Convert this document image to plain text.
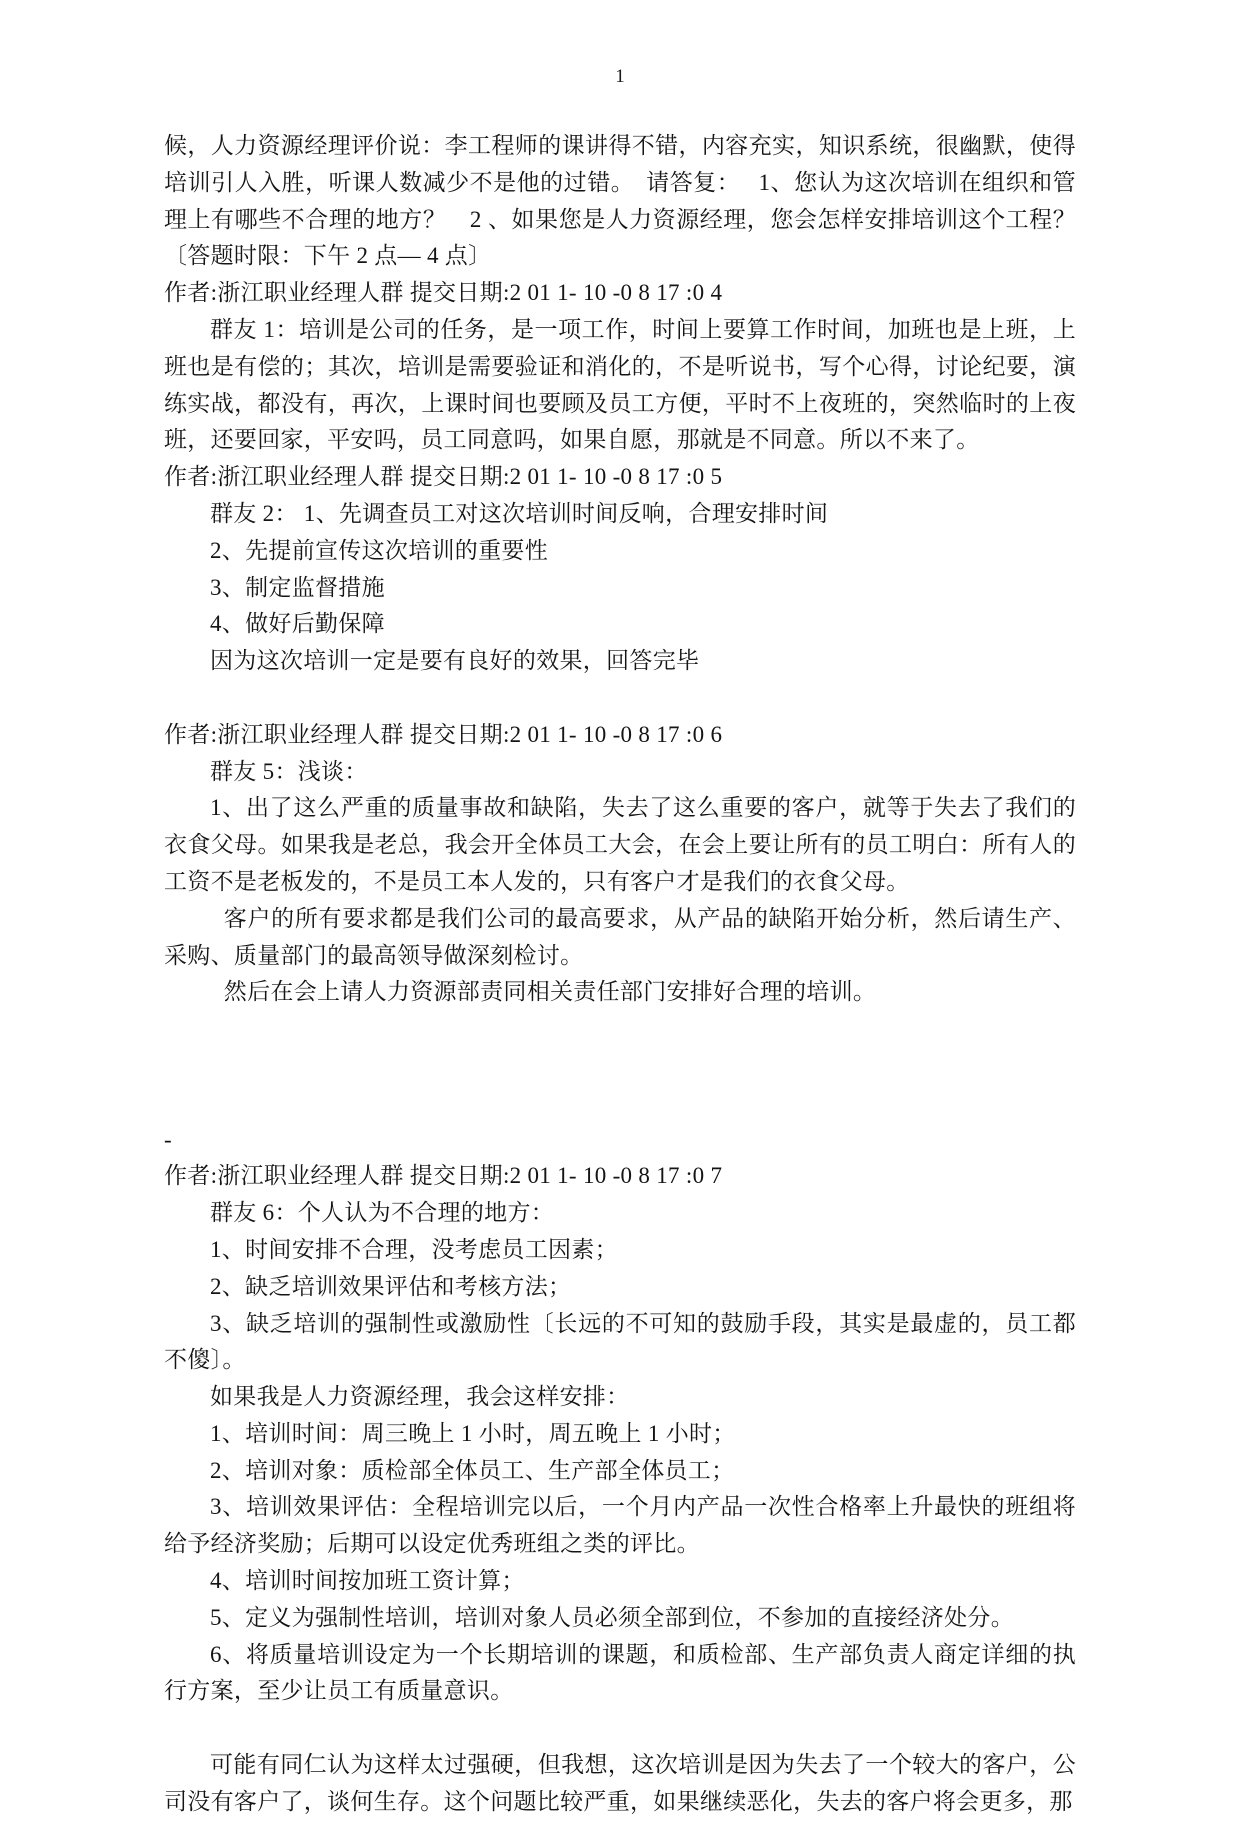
1

候，人力资源经理评价说：李工程师的课讲得不错，内容充实，知识系统，很幽默，使得培训引人入胜，听课人数减少不是他的过错。　请答复：　 1、您认为这次培训在组织和管理上有哪些不合理的地方？　2 、如果您是人力资源经理，您会怎样安排培训这个工程？〔答题时限：下午 2 点— 4 点〕

作者:浙江职业经理人群 提交日期:2 01 1- 10 -0 8 17 :0 4

群友 1：培训是公司的任务，是一项工作，时间上要算工作时间，加班也是上班，上班也是有偿的；其次，培训是需要验证和消化的，不是听说书，写个心得，讨论纪要，演练实战，都没有，再次，上课时间也要顾及员工方便，平时不上夜班的，突然临时的上夜班，还要回家，平安吗，员工同意吗，如果自愿，那就是不同意。所以不来了。

作者:浙江职业经理人群 提交日期:2 01 1- 10 -0 8 17 :0 5

群友 2： 1、先调查员工对这次培训时间反响，合理安排时间

2、先提前宣传这次培训的重要性

3、制定监督措施

4、做好后勤保障

因为这次培训一定是要有良好的效果，回答完毕

作者:浙江职业经理人群 提交日期:2 01 1- 10 -0 8 17 :0 6

群友 5：浅谈：

1、出了这么严重的质量事故和缺陷，失去了这么重要的客户，就等于失去了我们的衣食父母。如果我是老总，我会开全体员工大会，在会上要让所有的员工明白：所有人的工资不是老板发的，不是员工本人发的，只有客户才是我们的衣食父母。

客户的所有要求都是我们公司的最高要求，从产品的缺陷开始分析，然后请生产、采购、质量部门的最高领导做深刻检讨。

然后在会上请人力资源部责同相关责任部门安排好合理的培训。

-

作者:浙江职业经理人群 提交日期:2 01 1- 10 -0 8 17 :0 7

群友 6：个人认为不合理的地方：

1、时间安排不合理，没考虑员工因素；

2、缺乏培训效果评估和考核方法；

3、缺乏培训的强制性或激励性〔长远的不可知的鼓励手段，其实是最虚的，员工都不傻〕。

如果我是人力资源经理，我会这样安排：

1、培训时间：周三晚上 1 小时，周五晚上 1 小时；

2、培训对象：质检部全体员工、生产部全体员工；

3、培训效果评估：全程培训完以后，一个月内产品一次性合格率上升最快的班组将给予经济奖励；后期可以设定优秀班组之类的评比。

4、培训时间按加班工资计算；

5、定义为强制性培训，培训对象人员必须全部到位，不参加的直接经济处分。

6、将质量培训设定为一个长期培训的课题，和质检部、生产部负责人商定详细的执行方案，至少让员工有质量意识。

可能有同仁认为这样太过强硬，但我想，这次培训是因为失去了一个较大的客户，公司没有客户了，谈何生存。这个问题比较严重，如果继续恶化，失去的客户将会更多，那
